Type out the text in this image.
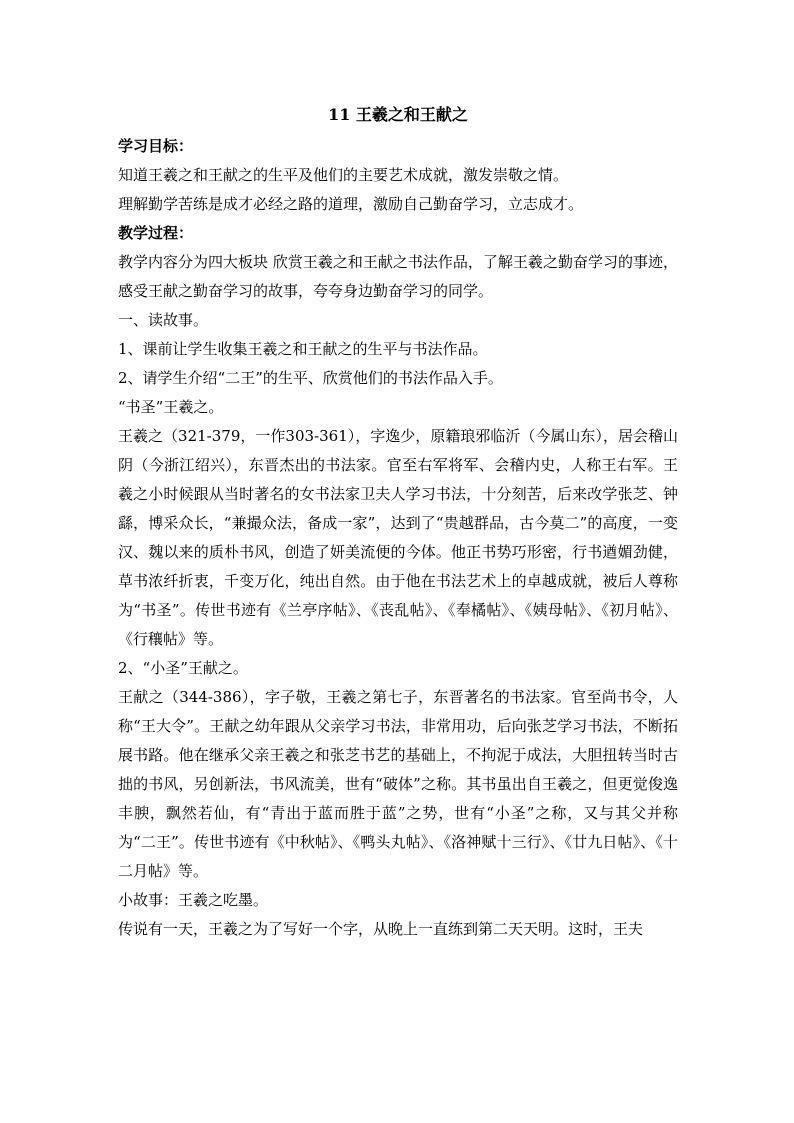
11 王羲之和王献之

学习目标：

知道王羲之和王献之的生平及他们的主要艺术成就，激发崇敬之情。

理解勤学苦练是成才必经之路的道理，激励自己勤奋学习，立志成才。

教学过程：

教学内容分为四大板块 欣赏王羲之和王献之书法作品，了解王羲之勤奋学习的事迹，感受王献之勤奋学习的故事，夸夸身边勤奋学习的同学。

一、读故事。

1、课前让学生收集王羲之和王献之的生平与书法作品。

2、请学生介绍“二王”的生平、欣赏他们的书法作品入手。

“书圣”王羲之。

王羲之（321-379，一作303-361），字逸少，原籍琅邪临沂（今属山东），居会稽山阴（今浙江绍兴），东晋杰出的书法家。官至右军将军、会稽内史，人称王右军。王羲之小时候跟从当时著名的女书法家卫夫人学习书法，十分刻苦，后来改学张芝、钟繇，博采众长，“兼撮众法，备成一家”，达到了“贵越群品，古今莫二”的高度，一变汉、魏以来的质朴书风，创造了妍美流便的今体。他正书势巧形密，行书遒媚劲健，草书浓纤折衷，千变万化，纯出自然。由于他在书法艺术上的卓越成就，被后人尊称为“书圣”。传世书迹有《兰亭序帖》、《丧乱帖》、《奉橘帖》、《姨母帖》、《初月帖》、《行穰帖》等。

2、“小圣”王献之。

王献之（344-386），字子敬，王羲之第七子，东晋著名的书法家。官至尚书令，人称“王大令”。王献之幼年跟从父亲学习书法，非常用功，后向张芝学习书法，不断拓展书路。他在继承父亲王羲之和张芝书艺的基础上，不拘泥于成法，大胆扭转当时古拙的书风，另创新法，书风流美，世有“破体”之称。其书虽出自王羲之，但更觉俊逸丰腴，飘然若仙，有“青出于蓝而胜于蓝”之势，世有“小圣”之称，又与其父并称为“二王”。传世书迹有《中秋帖》、《鸭头丸帖》、《洛神赋十三行》、《廿九日帖》、《十二月帖》等。

小故事：王羲之吃墨。

传说有一天，王羲之为了写好一个字，从晚上一直练到第二天天明。这时，王夫
